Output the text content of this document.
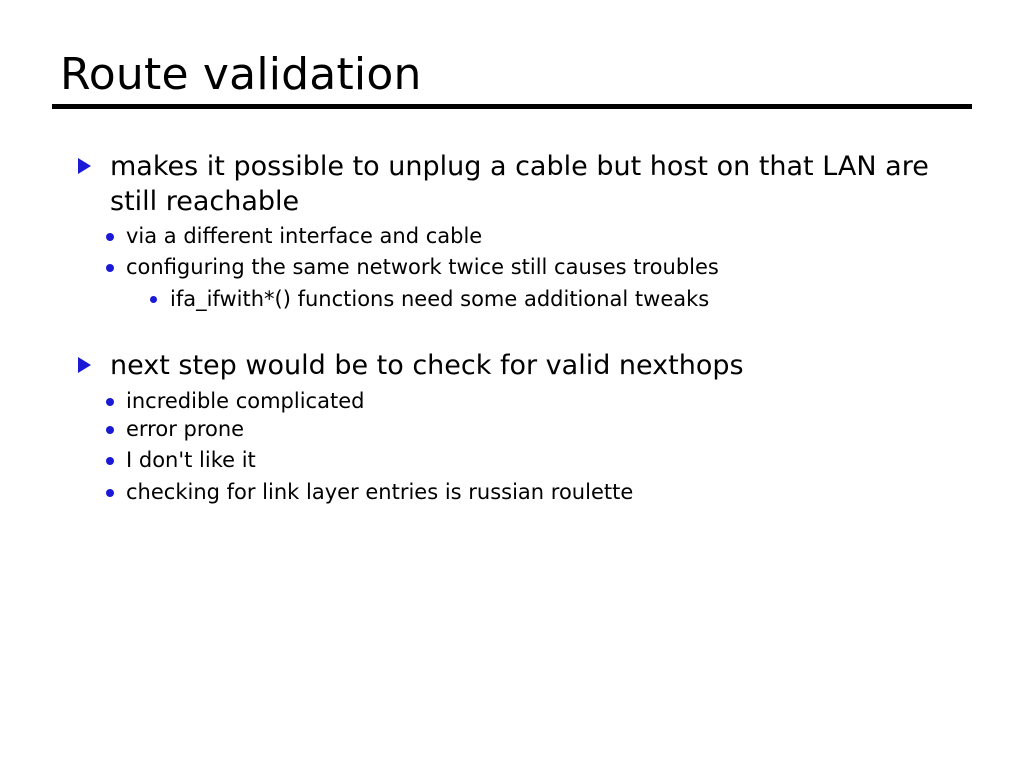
Route validation
makes it possible to unplug a cable but host on that LAN are still reachable
via a different interface and cable
configuring the same network twice still causes troubles
ifa_ifwith*() functions need some additional tweaks
next step would be to check for valid nexthops
incredible complicated
error prone
I don't like it
checking for link layer entries is russian roulette
